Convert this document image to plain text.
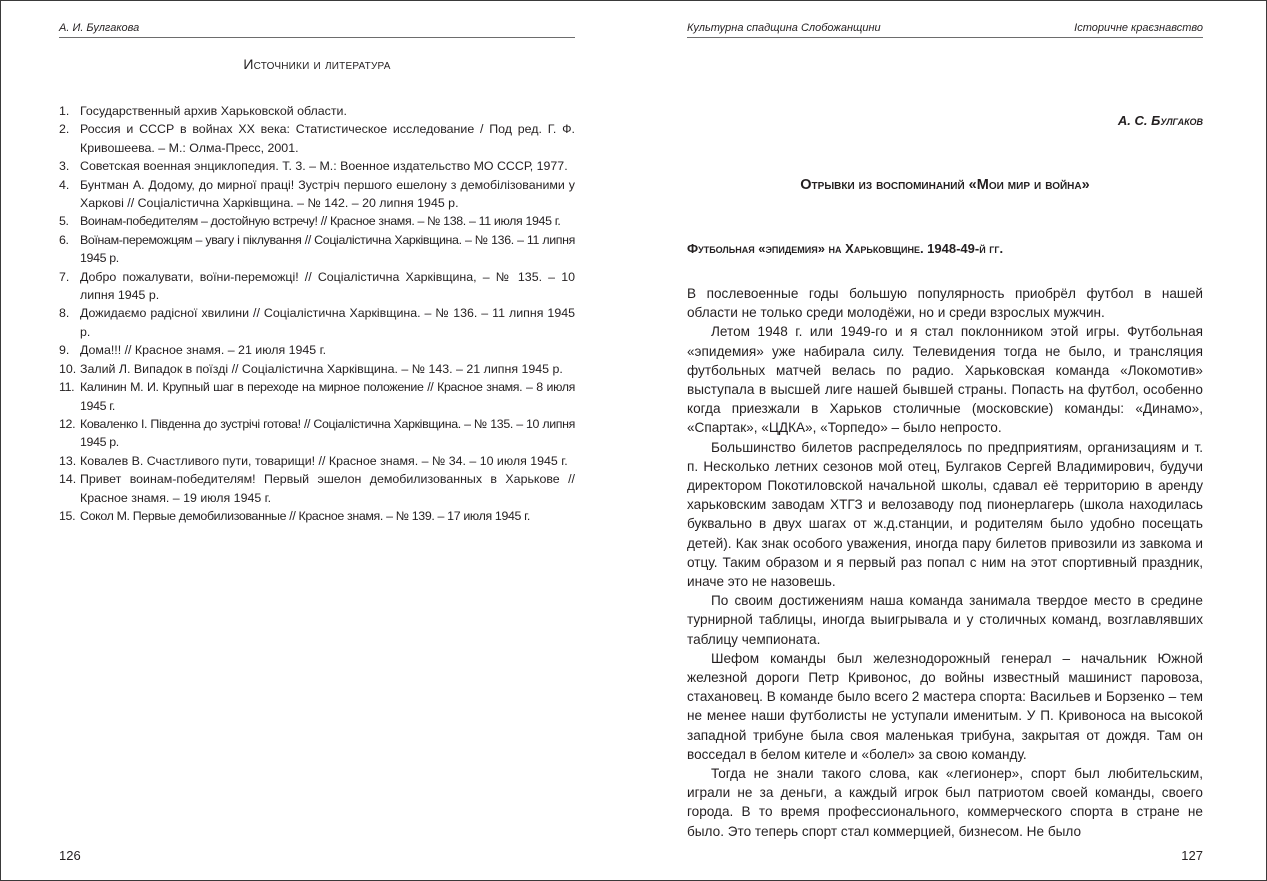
А. И. Булгакова
Источники и литература
1. Государственный архив Харьковской области.
2. Россия и СССР в войнах XX века: Статистическое исследование / Под ред. Г. Ф. Кривошеева. – М.: Олма-Пресс, 2001.
3. Советская военная энциклопедия. Т. 3. – М.: Военное издательство МО СССР, 1977.
4. Бунтман А. Додому, до мирної праці! Зустріч першого ешелону з демобілізованими у Харкові // Соціалістична Харківщина. – № 142. – 20 липня 1945 р.
5. Воинам-победителям – достойную встречу! // Красное знамя. – № 138. – 11 июля 1945 г.
6. Воїнам-переможцям – увагу і піклування // Соціалістична Харківщина. – № 136. – 11 липня 1945 р.
7. Добро пожалувати, воїни-переможці! // Соціалістична Харківщина, – № 135. – 10 липня 1945 р.
8. Дожидаємо радісної хвилини // Соціалістична Харківщина. – № 136. – 11 липня 1945 р.
9. Дома!!! // Красное знамя. – 21 июля 1945 г.
10. Залий Л. Випадок в поїзді // Соціалістична Харківщина. – № 143. – 21 липня 1945 р.
11. Калинин М. И. Крупный шаг в переходе на мирное положение // Красное знамя. – 8 июля 1945 г.
12. Коваленко І. Південна до зустрічі готова! // Соціалістична Харківщина. – № 135. – 10 липня 1945 р.
13. Ковалев В. Счастливого пути, товарищи! // Красное знамя. – № 34. – 10 июля 1945 г.
14. Привет воинам-победителям! Первый эшелон демобилизованных в Харькове // Красное знамя. – 19 июля 1945 г.
15. Сокол М. Первые демобилизованные // Красное знамя. – № 139. – 17 июля 1945 г.
126
Культурна спадщина Слобожанщини	Історичне краєзнавство
А. С. Булгаков
Отрывки из воспоминаний «Мои мир и война»
Футбольная «эпидемия» на Харьковщине. 1948-49-й гг.

В послевоенные годы большую популярность приобрёл футбол в нашей области не только среди молодёжи, но и среди взрослых мужчин.

Летом 1948 г. или 1949-го и я стал поклонником этой игры. Футбольная «эпидемия» уже набирала силу. Телевидения тогда не было, и трансляция футбольных матчей велась по радио. Харьковская команда «Локомотив» выступала в высшей лиге нашей бывшей страны. Попасть на футбол, особенно когда приезжали в Харьков столичные (московские) команды: «Динамо», «Спартак», «ЦДКА», «Торпедо» – было непросто.

Большинство билетов распределялось по предприятиям, организациям и т. п. Несколько летних сезонов мой отец, Булгаков Сергей Владимирович, будучи директором Покотиловской начальной школы, сдавал её территорию в аренду харьковским заводам ХТГЗ и велозаводу под пионерлагерь (школа находилась буквально в двух шагах от ж.д.станции, и родителям было удобно посещать детей). Как знак особого уважения, иногда пару билетов привозили из завкома и отцу. Таким образом и я первый раз попал с ним на этот спортивный праздник, иначе это не назовешь.

По своим достижениям наша команда занимала твердое место в средине турнирной таблицы, иногда выигрывала и у столичных команд, возглавлявших таблицу чемпионата.

Шефом команды был железнодорожный генерал – начальник Южной железной дороги Петр Кривонос, до войны известный машинист паровоза, стахановец. В команде было всего 2 мастера спорта: Васильев и Борзенко – тем не менее наши футболисты не уступали именитым. У П. Кривоноса на высокой западной трибуне была своя маленькая трибуна, закрытая от дождя. Там он восседал в белом кителе и «болел» за свою команду.

Тогда не знали такого слова, как «легионер», спорт был любительским, играли не за деньги, а каждый игрок был патриотом своей команды, своего города. В то время профессионального, коммерческого спорта в стране не было. Это теперь спорт стал коммерцией, бизнесом. Не было

127
